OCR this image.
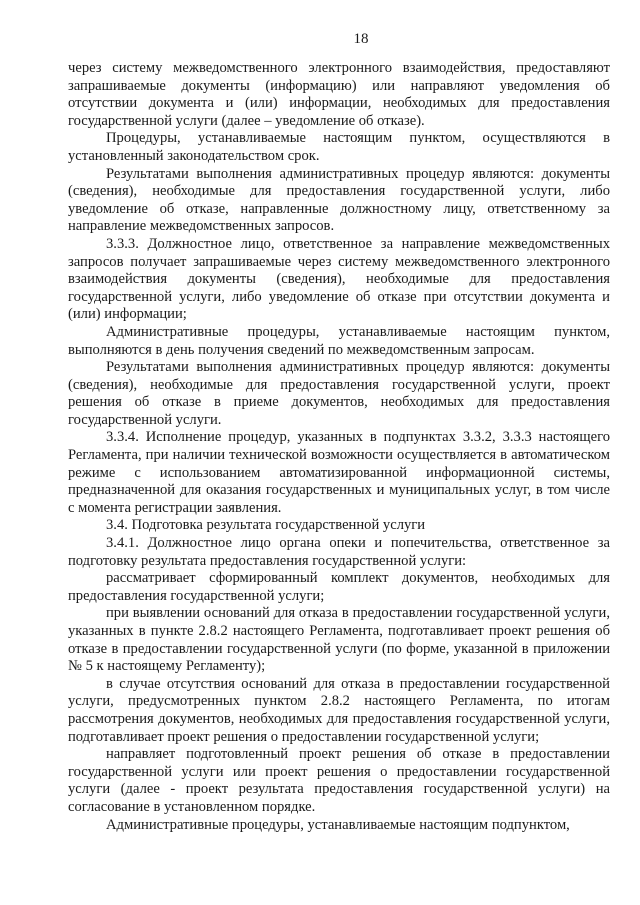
18

через систему межведомственного электронного взаимодействия, предоставляют запрашиваемые документы (информацию) или направляют уведомления об отсутствии документа и (или) информации, необходимых для предоставления государственной услуги (далее – уведомление об отказе).

Процедуры, устанавливаемые настоящим пунктом, осуществляются в установленный законодательством срок.

Результатами выполнения административных процедур являются: документы (сведения), необходимые для предоставления государственной услуги, либо уведомление об отказе, направленные должностному лицу, ответственному за направление межведомственных запросов.

3.3.3. Должностное лицо, ответственное за направление межведомственных запросов получает запрашиваемые через систему межведомственного электронного взаимодействия документы (сведения), необходимые для предоставления государственной услуги, либо уведомление об отказе при отсутствии документа и (или) информации;

Административные процедуры, устанавливаемые настоящим пунктом, выполняются в день получения сведений по межведомственным запросам.

Результатами выполнения административных процедур являются: документы (сведения), необходимые для предоставления государственной услуги, проект решения об отказе в приеме документов, необходимых для предоставления государственной услуги.

3.3.4. Исполнение процедур, указанных в подпунктах 3.3.2, 3.3.3 настоящего Регламента, при наличии технической возможности осуществляется в автоматическом режиме с использованием автоматизированной информационной системы, предназначенной для оказания государственных и муниципальных услуг, в том числе с момента регистрации заявления.

3.4. Подготовка результата государственной услуги

3.4.1. Должностное лицо органа опеки и попечительства, ответственное за подготовку результата предоставления государственной услуги:

рассматривает сформированный комплект документов, необходимых для предоставления государственной услуги;

при выявлении оснований для отказа в предоставлении государственной услуги, указанных в пункте 2.8.2 настоящего Регламента, подготавливает проект решения об отказе в предоставлении государственной услуги (по форме, указанной в приложении № 5 к настоящему Регламенту);

в случае отсутствия оснований для отказа в предоставлении государственной услуги, предусмотренных пунктом 2.8.2 настоящего Регламента, по итогам рассмотрения документов, необходимых для предоставления государственной услуги, подготавливает проект решения о предоставлении государственной услуги;

направляет подготовленный проект решения об отказе в предоставлении государственной услуги или проект решения о предоставлении государственной услуги (далее - проект результата предоставления государственной услуги) на согласование в установленном порядке.

Административные процедуры, устанавливаемые настоящим подпунктом,
